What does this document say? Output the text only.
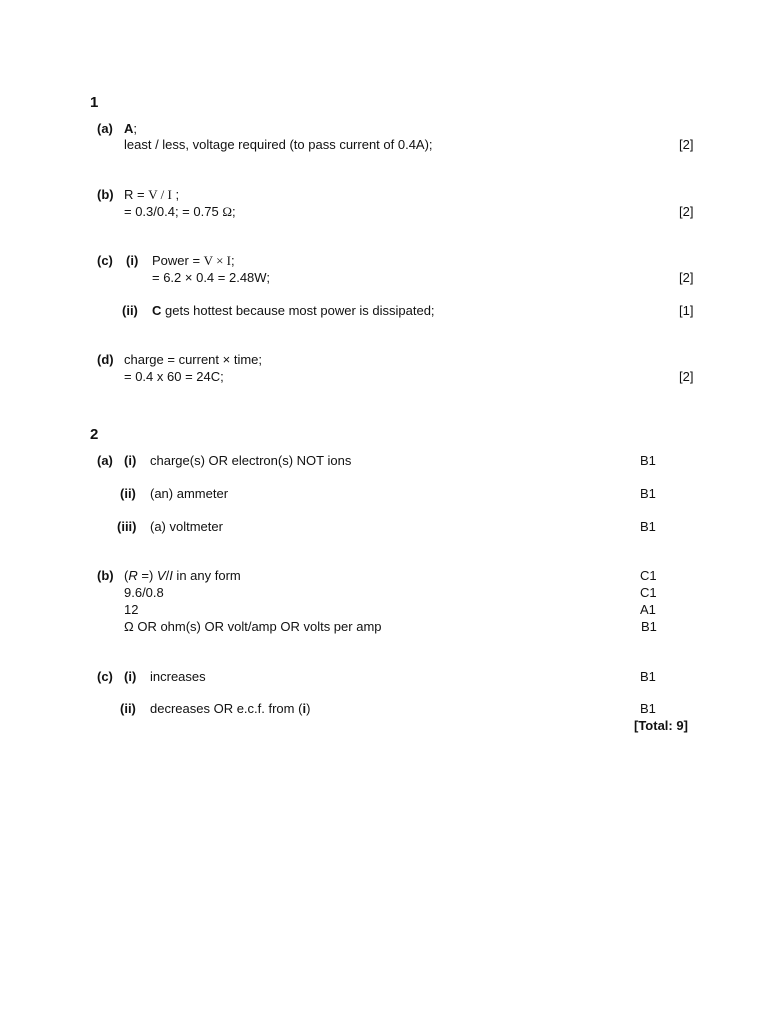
1
(a) A;
least / less, voltage required (to pass current of 0.4A);	[2]
(b) R = V / I ;
= 0.3/0.4; = 0.75 Ω;	[2]
(c) (i) Power = V × I;
= 6.2 × 0.4 = 2.48W;	[2]
(ii) C gets hottest because most power is dissipated;	[1]
(d) charge = current × time;
= 0.4 x 60 = 24C;	[2]
2
(a) (i) charge(s) OR electron(s) NOT ions	B1
(ii) (an) ammeter	B1
(iii) (a) voltmeter	B1
(b) (R =) V/I in any form	C1
9.6/0.8	C1
12	A1
Ω OR ohm(s) OR volt/amp OR volts per amp	B1
(c) (i) increases	B1
(ii) decreases OR e.c.f. from (i)	B1
[Total: 9]
